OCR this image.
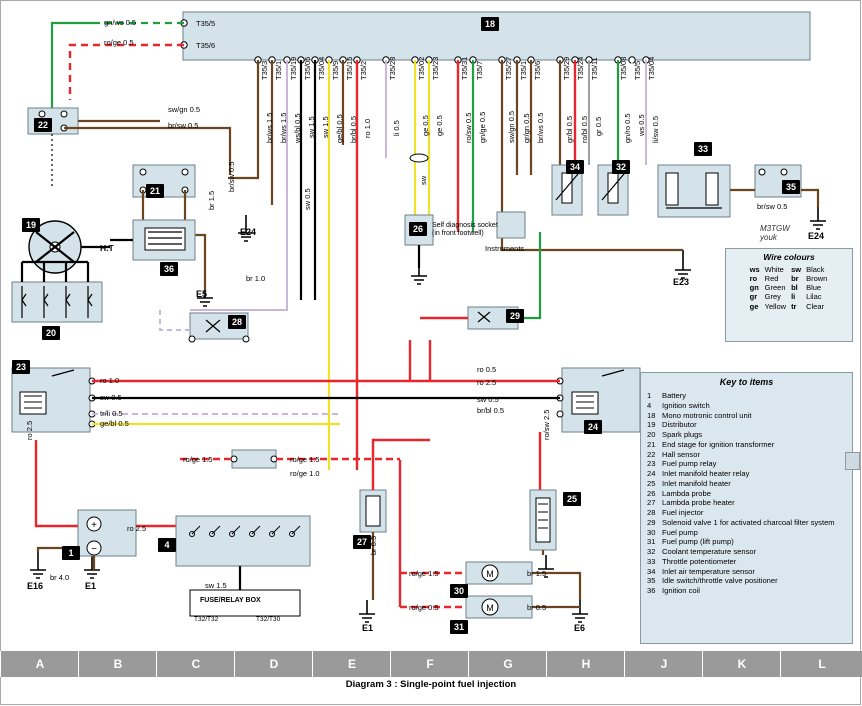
M
M
+
−
18
22
21
19
36
20
23
26
28
29
24
25
27
1
4
34	32
33
35
31
30
T35/5
T35/6
T35/3 T35/1 T35/19 T35/05 T35/04 T35/9 T35/15 T35/2	T35/28	T35/02 T35/23	T35/31 T35/7	T35/27 T35/1 T35/6	T35/29 T35/24 T35/11	T35/08 T35/5 T35/04
br/ws 1.5 br/ws 1.5 ws/bl 0.5 sw 1.5 sw 1.5 ge/bl 0.5 br/bl 0.5 ro 1.0	li 0.5	ge 0.5 ge 0.5	ro/sw 0.5 gn/ge 0.5	sw/gn 0.5 gr/gn 0.5 br/ws 0.5	gr/bl 0.5 ro/bl 0.5 gr 0.5	gn/ro 0.5 ws 0.5 li/sw 0.5
gn/ws 0.5
ro/ge 0.5
sw/gn 0.5
br/sw 0.5
br 1.5
br/sw 0.5
sw 0.5
sw
br 1.0
br/sw 0.5
ro 1.0
sw 0.5
tr/li 0.5
ge/bl 0.5
ro 0.5
ro 2.5
sw 0.5
br/bl 0.5	ro/sw 2.5
ro 2.5
ro/ge 1.5	ro/ge 1.5
ro/ge 1.0
ro 2.5
br 4.0
sw 1.5
br 0.5
ro/ge 1.5
ro/ge 0.5
br 1.5
br 0.5
E24
E5
E24
E23
E16	E1
E1	E6
H.T
Self diagnosis socket (in front footwell)
Instruments
FUSE/RELAY BOX
T32/T32	T32/T30
M3TGW
youk
Wire colours
ws	White	sw	Black
ro	Red	br	Brown
gn	Green	bl	Blue
gr	Grey	li	Lilac
ge	Yellow	tr	Clear
Key to items
1	Battery
4	Ignition switch
18 Mono motronic control unit
19 Distributor
20 Spark plugs
21 End stage for ignition transformer
22 Hall sensor
23 Fuel pump relay
24 Inlet manifold heater relay
25 Inlet manifold heater
26 Lambda probe
27 Lambda probe heater
28 Fuel injector
29 Solenoid valve 1 for activated charcoal filter system
30 Fuel pump
31 Fuel pump (lift pump)
32 Coolant temperature sensor
33 Throttle potentiometer
34 Inlet air temperature sensor
35 Idle switch/throttle valve positioner
36 Ignition coil
A	B	C	D	E	F	G	H	J	K	L
Diagram 3 : Single-point fuel injection
